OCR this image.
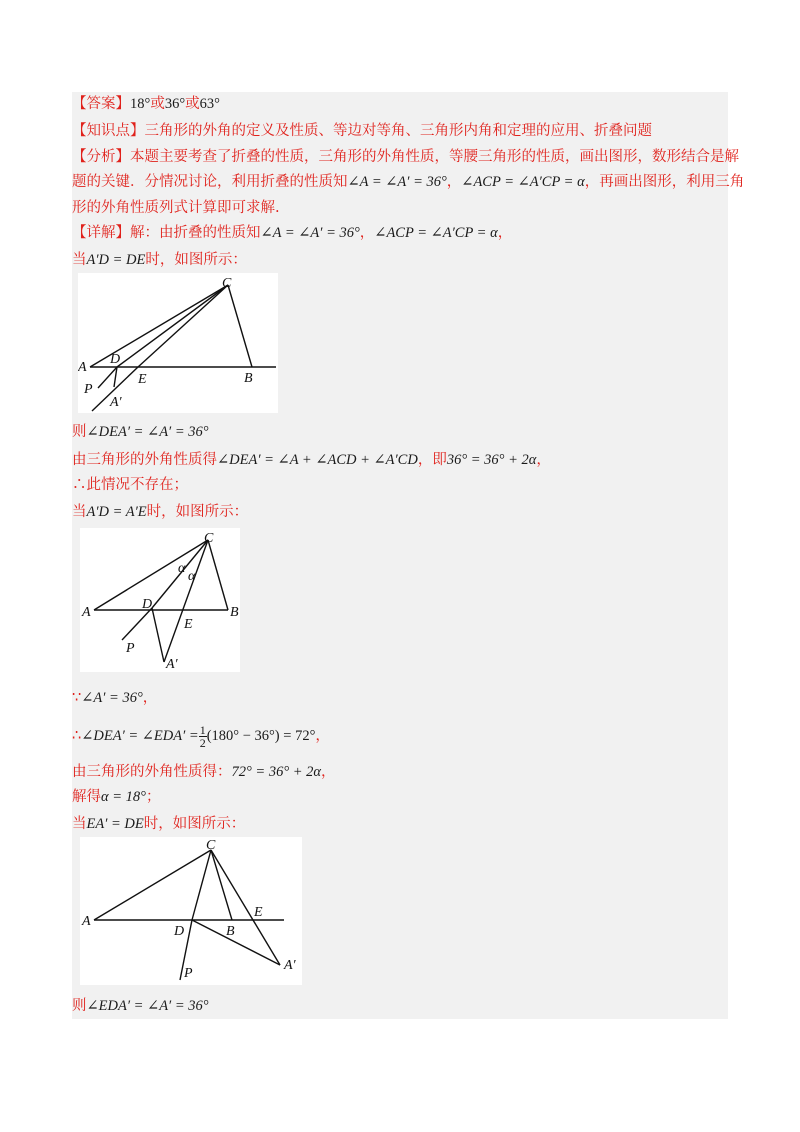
【答案】18°或36°或63°
【知识点】三角形的外角的定义及性质、等边对等角、三角形内角和定理的应用、折叠问题
【分析】本题主要考查了折叠的性质，三角形的外角性质，等腰三角形的性质，画出图形，数形结合是解
题的关键．分情况讨论，利用折叠的性质知∠A = ∠A′ = 36°，∠ACP = ∠A′CP = α，再画出图形，利用三角
形的外角性质列式计算即可求解.
【详解】解：由折叠的性质知∠A = ∠A′ = 36°，∠ACP = ∠A′CP = α，
当A′D = DE时，如图所示：
C
D
A
P
E	B
A′
则∠DEA′ = ∠A′ = 36°
由三角形的外角性质得∠DEA′ = ∠A + ∠ACD + ∠A′CD，即36° = 36° + 2α，
∴此情况不存在；
当A′D = A′E时，如图所示：
C
α
α
A
D
B
E
P
A′
∵∠A′ = 36°，
∴∠DEA′ = ∠EDA′ = $\frac{1}{2} (180^\circ - 36^\circ) = 72^\circ$，
由三角形的外角性质得：72° = 36° + 2α，
解得α = 18°；
当EA′ = DE时，如图所示：
C
E
A
D	B
P
A′
则∠EDA′ = ∠A′ = 36°
